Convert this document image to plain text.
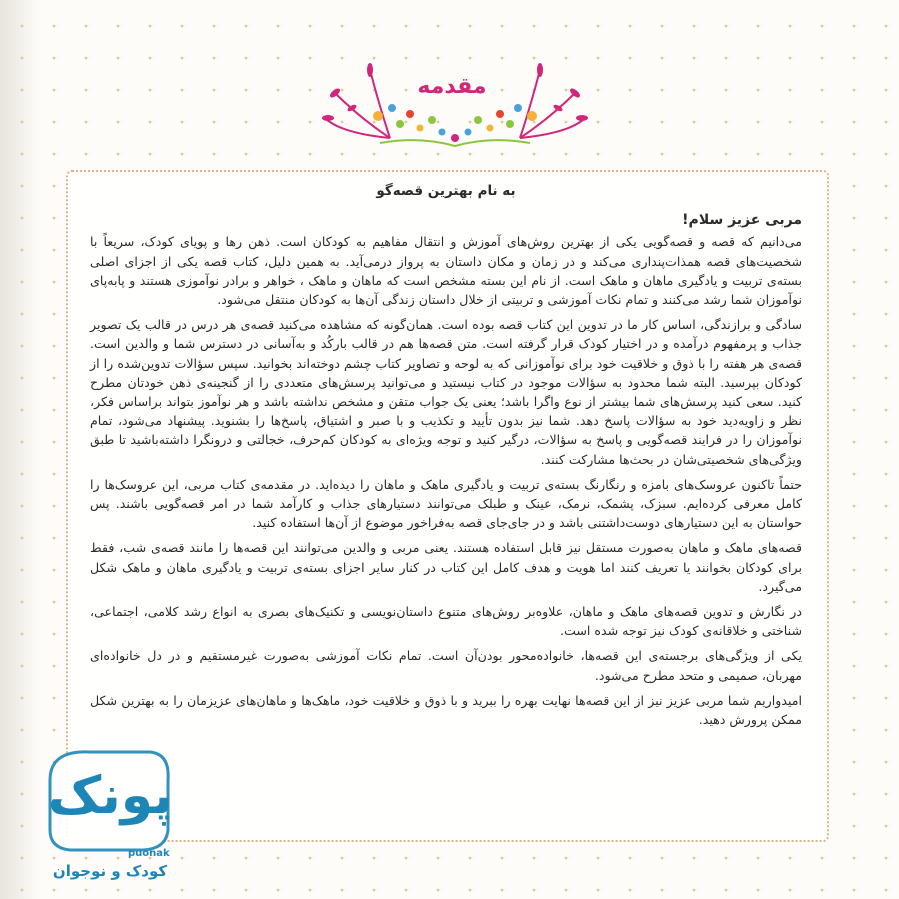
مقدمه
به نام بهترین قصه‌گو
مربی عزیز سلام!

می‌دانیم که قصه و قصه‌گویی یکی از بهترین روش‌های آموزش و انتقال مفاهیم به کودکان است. ذهن رها و پویای کودک، سریعاً با شخصیت‌های قصه همذات‌پنداری می‌کند و در زمان و مکان داستان به پرواز درمی‌آید. به همین دلیل، کتاب قصه یکی از اجزای اصلی بسته‌ی تربیت و یادگیری ماهان و ماهک است. از نام این بسته مشخص است که ماهان و ماهک ، خواهر و برادر نوآموزی هستند و پابه‌پای نوآموزان شما رشد می‌کنند و تمام نکات آموزشی و تربیتی از خلال داستان زندگی آن‌ها به کودکان منتقل می‌شود.

سادگی و برازندگی، اساس کار ما در تدوین این کتاب قصه بوده است. همان‌گونه که مشاهده می‌کنید قصه‌ی هر درس در قالب یک تصویر جذاب و پرمفهوم درآمده و در اختیار کودک قرار گرفته است. متن قصه‌ها هم در قالب بارکُد و به‌آسانی در دسترس شما و والدین است. قصه‌ی هر هفته را با ذوق و خلاقیت خود برای نوآموزانی که به لوحه و تصاویر کتاب چشم دوخته‌اند بخوانید. سپس سؤالات تدوین‌شده را از کودکان بپرسید. البته شما محدود به سؤالات موجود در کتاب نیستید و می‌توانید پرسش‌های متعددی را از گنجینه‌ی ذهن خودتان مطرح کنید. سعی کنید پرسش‌های شما بیشتر از نوع واگرا باشد؛ یعنی یک جواب متقن و مشخص نداشته باشد و هر نوآموز بتواند براساس فکر، نظر و زاویه‌دید خود به سؤالات پاسخ دهد. شما نیز بدون تأیید و تکذیب و با صبر و اشتیاق، پاسخ‌ها را بشنوید. پیشنهاد می‌شود، تمام نوآموزان را در فرایند قصه‌گویی و پاسخ به سؤالات، درگیر کنید و توجه ویژه‌ای به کودکان کم‌حرف، خجالتی و درونگرا داشته‌باشید تا طبق ویژگی‌های شخصیتی‌شان در بحث‌ها مشارکت کنند.

حتماً تاکنون عروسک‌های بامزه و رنگارنگ بسته‌ی تربیت و یادگیری ماهک و ماهان را دیده‌اید. در مقدمه‌ی کتاب مربی، این عروسک‌ها را کامل معرفی کرده‌ایم. سبزک، پشمک، نرمک، عینک و طبلک می‌توانند دستیارهای جذاب و کارآمد شما در امر قصه‌گویی باشند. پس حواستان به این دستیارهای دوست‌داشتنی باشد و در جای‌جای قصه به‌فراخور موضوع از آن‌ها استفاده کنید.

قصه‌های ماهک و ماهان به‌صورت مستقل نیز قابل استفاده هستند. یعنی مربی و والدین می‌توانند این قصه‌ها را مانند قصه‌ی شب، فقط برای کودکان بخوانند یا تعریف کنند اما هویت و هدف کامل این کتاب در کنار سایر اجزای بسته‌ی تربیت و یادگیری ماهان و ماهک شکل می‌گیرد.

در نگارش و تدوین قصه‌های ماهک و ماهان، علاوه‌بر روش‌های متنوع داستان‌نویسی و تکنیک‌های بصری به انواع رشد کلامی، اجتماعی، شناختی و خلاقانه‌ی کودک نیز توجه شده است.

یکی از ویژگی‌های برجسته‌ی این قصه‌ها، خانواده‌محور بودن‌آن است. تمام نکات آموزشی به‌صورت غیرمستقیم و در دل خانواده‌ای مهربان، صمیمی و متحد مطرح می‌شود.

امیدواریم شما مربی عزیز نیز از این قصه‌ها نهایت بهره را ببرید و با ذوق و خلاقیت خود، ماهک‌ها و ماهان‌های عزیزمان را به بهترین شکل ممکن پرورش دهید.

پونک
puonak
کودک و نوجوان
